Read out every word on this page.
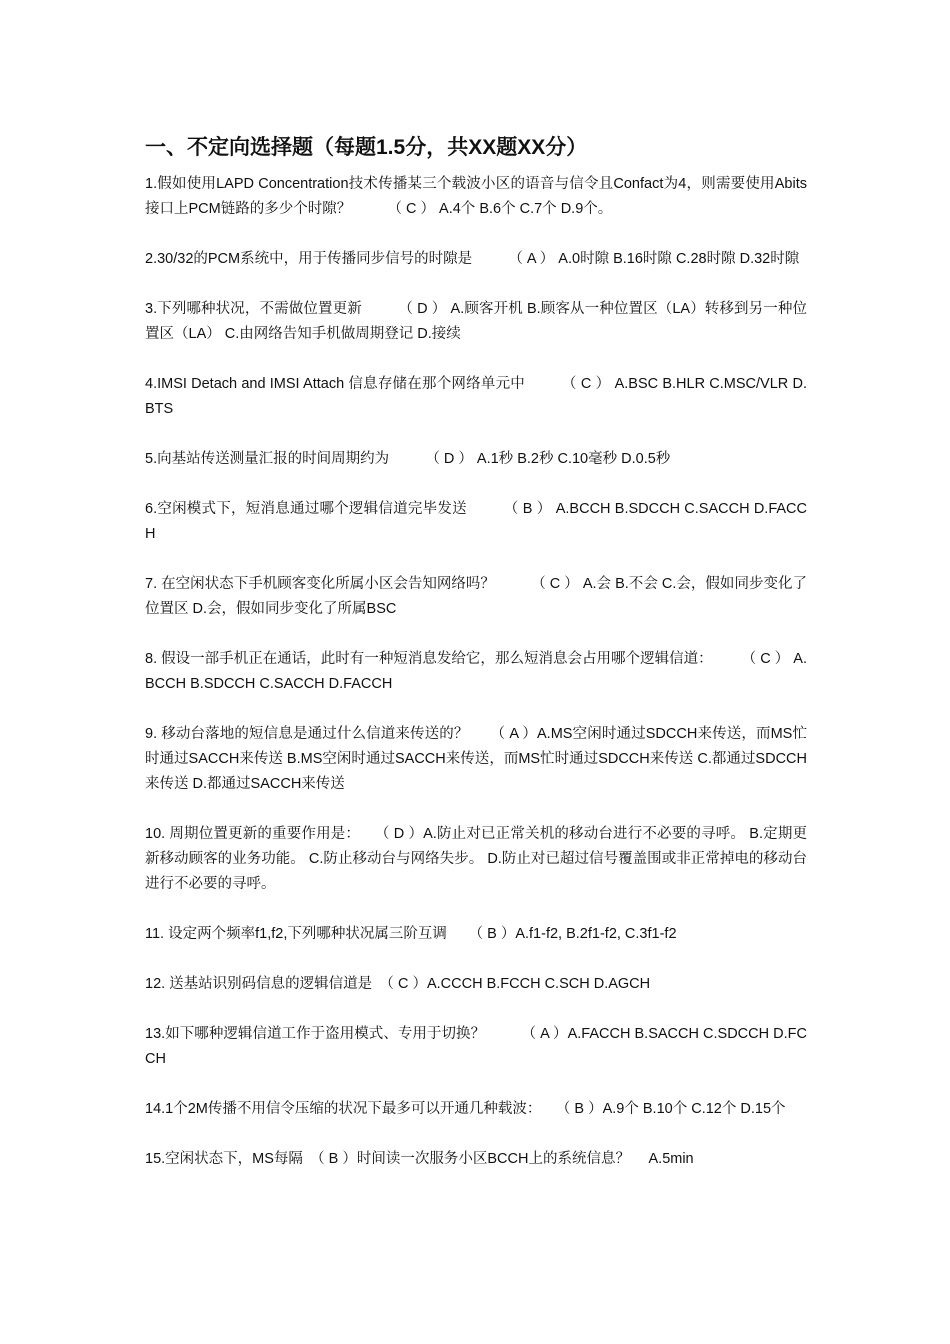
一、不定向选择题（每题1.5分，共XX题XX分）

1.假如使用LAPD Concentration技术传播某三个载波小区的语音与信令且Confact为4，则需要使用Abits接口上PCM链路的多少个时隙？　　　（ C ） A.4个 B.6个 C.7个 D.9个。

2.30/32的PCM系统中，用于传播同步信号的时隙是　　　（ A ） A.0时隙 B.16时隙 C.28时隙 D.32时隙

3.下列哪种状况，不需做位置更新　　　（ D ） A.顾客开机 B.顾客从一种位置区（LA）转移到另一种位置区（LA） C.由网络告知手机做周期登记 D.接续

4.IMSI Detach and IMSI Attach 信息存储在那个网络单元中　　　（ C ） A.BSC B.HLR C.MSC/VLR D.BTS

5.向基站传送测量汇报的时间周期约为　　　（ D ） A.1秒 B.2秒 C.10毫秒 D.0.5秒

6.空闲模式下，短消息通过哪个逻辑信道完毕发送　　　（ B ） A.BCCH B.SDCCH C.SACCH D.FACCH

7. 在空闲状态下手机顾客变化所属小区会告知网络吗？　　　（ C ） A.会 B.不会 C.会，假如同步变化了位置区 D.会，假如同步变化了所属BSC

8. 假设一部手机正在通话，此时有一种短消息发给它，那么短消息会占用哪个逻辑信道：　　　（ C ） A.BCCH B.SDCCH C.SACCH D.FACCH

9. 移动台落地的短信息是通过什么信道来传送的？　　（ A ）A.MS空闲时通过SDCCH来传送，而MS忙时通过SACCH来传送 B.MS空闲时通过SACCH来传送，而MS忙时通过SDCCH来传送 C.都通过SDCCH来传送 D.都通过SACCH来传送

10. 周期位置更新的重要作用是：　　（ D ）A.防止对已正常关机的移动台进行不必要的寻呼。 B.定期更新移动顾客的业务功能。 C.防止移动台与网络失步。 D.防止对已超过信号覆盖围或非正常掉电的移动台进行不必要的寻呼。

11. 设定两个频率f1,f2,下列哪种状况属三阶互调　　（ B ）A.f1-f2, B.2f1-f2, C.3f1-f2

12. 送基站识别码信息的逻辑信道是　（ C ）A.CCCH B.FCCH C.SCH D.AGCH

13.如下哪种逻辑信道工作于盗用模式、专用于切换？　　　（ A ）A.FACCH B.SACCH C.SDCCH D.FCCH

14.1个2M传播不用信令压缩的状况下最多可以开通几种载波：　　（ B ）A.9个 B.10个 C.12个 D.15个

15.空闲状态下，MS每隔　（ B ）时间读一次服务小区BCCH上的系统信息？　 A.5min
